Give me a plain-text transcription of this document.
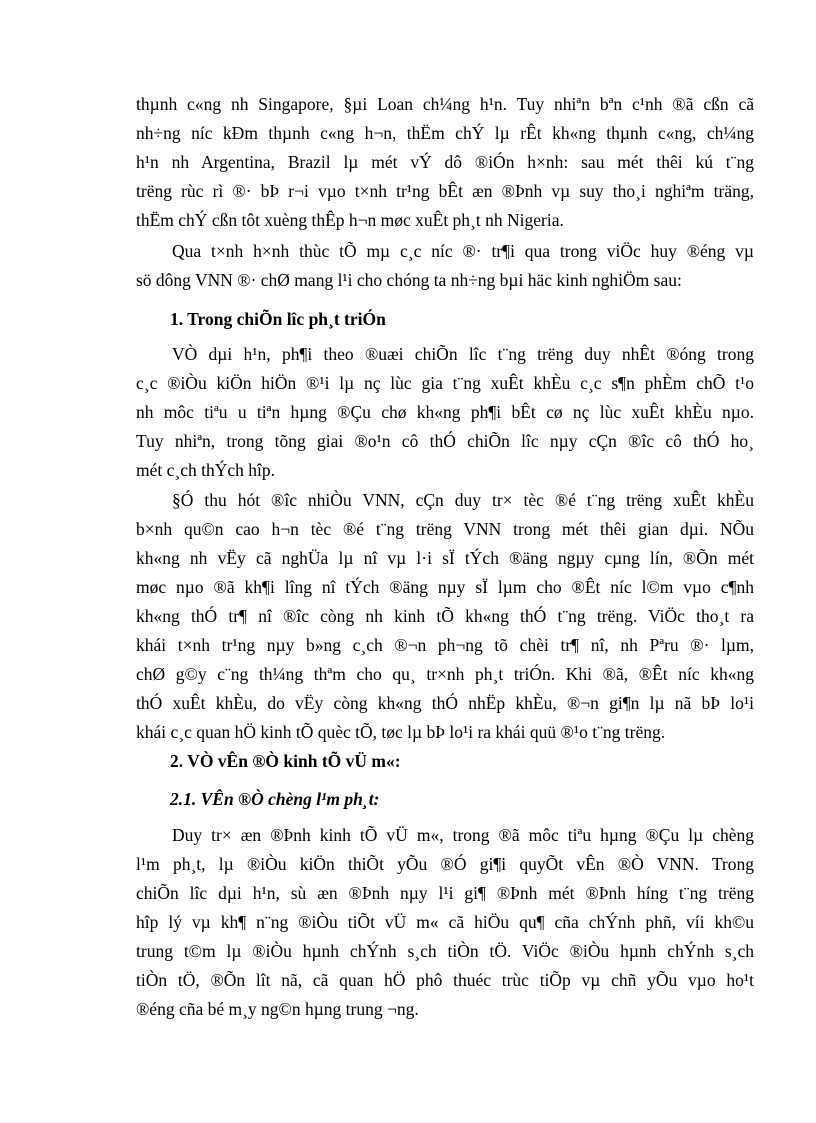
thµnh c«ng nh Singapore, §µi Loan ch¼ng h¹n. Tuy nhiªn bªn c¹nh ®ã cßn cã
nh÷ng níc kÐm thµnh c«ng h¬n, thËm chÝ lµ rÊt kh«ng thµnh c«ng, ch¼ng
h¹n nh Argentina, Brazil lµ mét vÝ dô ®iÓn h×nh: sau mét thêi kú t¨ng
trëng rùc rì ®· bÞ r¬i vµo t×nh tr¹ng bÊt æn ®Þnh vµ suy tho¸i nghiªm träng,
thËm chÝ cßn tôt xuèng thÊp h¬n møc xuÊt ph¸t nh Nigeria.
Qua t×nh h×nh thùc tÕ mµ c¸c níc ®· tr¶i qua trong viÖc huy ®éng vµ
sö dông VNN ®· chØ mang l¹i cho chóng ta nh÷ng bµi häc kinh nghiÖm sau:
1. Trong chiÕn lîc ph¸t triÓn
VÒ dµi h¹n, ph¶i theo ®uæi chiÕn lîc t¨ng trëng duy nhÊt ®óng trong
c¸c ®iÒu kiÖn hiÖn ®¹i lµ nç lùc gia t¨ng xuÊt khÈu c¸c s¶n phÈm chÕ t¹o
nh môc tiªu u tiªn hµng ®Çu chø kh«ng ph¶i bÊt cø nç lùc xuÊt khÈu nµo.
Tuy nhiªn, trong tõng giai ®o¹n cô thÓ chiÕn lîc nµy cÇn ®îc cô thÓ ho¸
mét c¸ch thÝch hîp.
§Ó thu hót ®îc nhiÒu VNN, cÇn duy tr× tèc ®é t¨ng trëng xuÊt khÈu
b×nh qu©n cao h¬n tèc ®é t¨ng trëng VNN trong mét thêi gian dµi. NÕu
kh«ng nh vËy cã nghÜa lµ nî vµ l·i sÏ tÝch ®äng ngµy cµng lín, ®Õn mét
møc nµo ®ã kh¶i lîng nî tÝch ®äng nµy sÏ lµm cho ®Êt níc l©m vµo c¶nh
kh«ng thÓ tr¶ nî ®îc còng nh kinh tÕ kh«ng thÓ t¨ng trëng. ViÖc tho¸t ra
khái t×nh tr¹ng nµy b»ng c¸ch ®¬n ph¬ng tõ chèi tr¶ nî, nh Pªru ®· lµm,
chØ g©y c¨ng th¼ng thªm cho qu¸ tr×nh ph¸t triÓn. Khi ®ã, ®Êt níc kh«ng
thÓ xuÊt khÈu, do vËy còng kh«ng thÓ nhËp khÈu, ®¬n gi¶n lµ nã bÞ lo¹i
khái c¸c quan hÖ kinh tÕ quèc tÕ, tøc lµ bÞ lo¹i ra khái quü ®¹o t¨ng trëng.
2. VÒ vÊn ®Ò kinh tÕ vÜ m«:
2.1. VÊn ®Ò chèng l¹m ph¸t:
Duy tr× æn ®Þnh kinh tÕ vÜ m«, trong ®ã môc tiªu hµng ®Çu lµ chèng
l¹m ph¸t, lµ ®iÒu kiÖn thiÕt yÕu ®Ó gi¶i quyÕt vÊn ®Ò VNN. Trong
chiÕn lîc dµi h¹n, sù æn ®Þnh nµy l¹i gi¶ ®Þnh mét ®Þnh híng t¨ng trëng
hîp lý vµ kh¶ n¨ng ®iÒu tiÕt vÜ m« cã hiÖu qu¶ cña chÝnh phñ, víi kh©u
trung t©m lµ ®iÒu hµnh chÝnh s¸ch tiÒn tÖ. ViÖc ®iÒu hµnh chÝnh s¸ch
tiÒn tÖ, ®Õn lît nã, cã quan hÖ phô thuéc trùc tiÕp vµ chñ yÕu vµo ho¹t
®éng cña bé m¸y ng©n hµng trung ¬ng.
